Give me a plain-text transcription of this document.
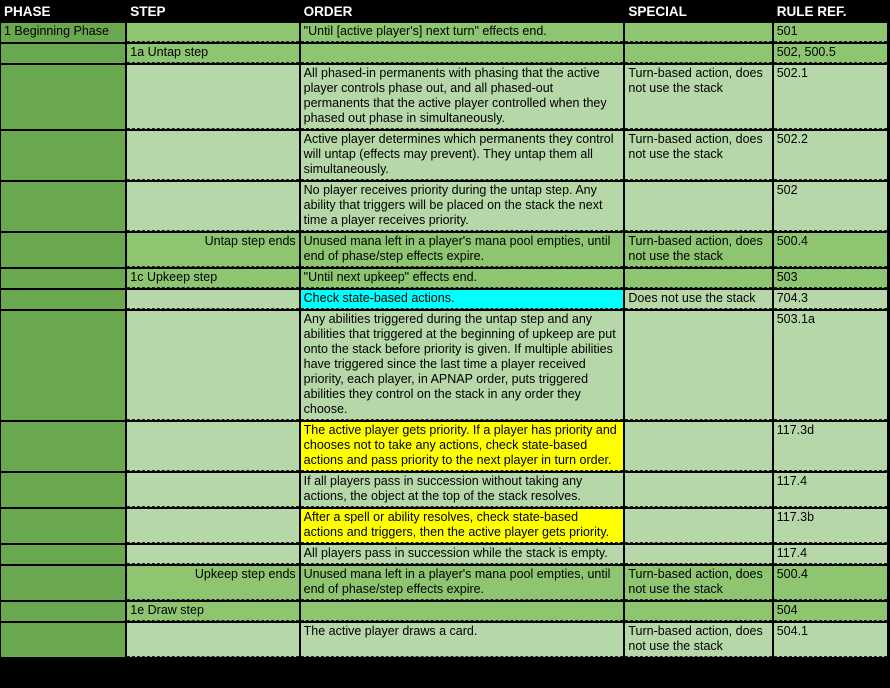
PHASE	STEP	ORDER	SPECIAL	RULE REF.
1 Beginning Phase		"Until [active player's] next turn" effects end.		501
	1a Untap step			502, 500.5
		All phased-in permanents with phasing that the active player controls phase out, and all phased-out permanents that the active player controlled when they phased out phase in simultaneously.	Turn-based action, does not use the stack	502.1
		Active player determines which permanents they control will untap (effects may prevent). They untap them all simultaneously.	Turn-based action, does not use the stack	502.2
		No player receives priority during the untap step. Any ability that triggers will be placed on the stack the next time a player receives priority.		502
	Untap step ends	Unused mana left in a player's mana pool empties, until end of phase/step effects expire.	Turn-based action, does not use the stack	500.4
	1c Upkeep step	"Until next upkeep" effects end.		503
		Check state-based actions.	Does not use the stack	704.3
		Any abilities triggered during the untap step and any abilities that triggered at the beginning of upkeep are put onto the stack before priority is given. If multiple abilities have triggered since the last time a player received priority, each player, in APNAP order, puts triggered abilities they control on the stack in any order they choose.		503.1a
		The active player gets priority. If a player has priority and chooses not to take any actions, check state-based actions and pass priority to the next player in turn order.		117.3d
		If all players pass in succession without taking any actions, the object at the top of the stack resolves.		117.4
		After a spell or ability resolves, check state-based actions and triggers, then the active player gets priority.		117.3b
		All players pass in succession while the stack is empty.		117.4
	Upkeep step ends	Unused mana left in a player's mana pool empties, until end of phase/step effects expire.	Turn-based action, does not use the stack	500.4
	1e Draw step			504
		The active player draws a card.	Turn-based action, does not use the stack	504.1
